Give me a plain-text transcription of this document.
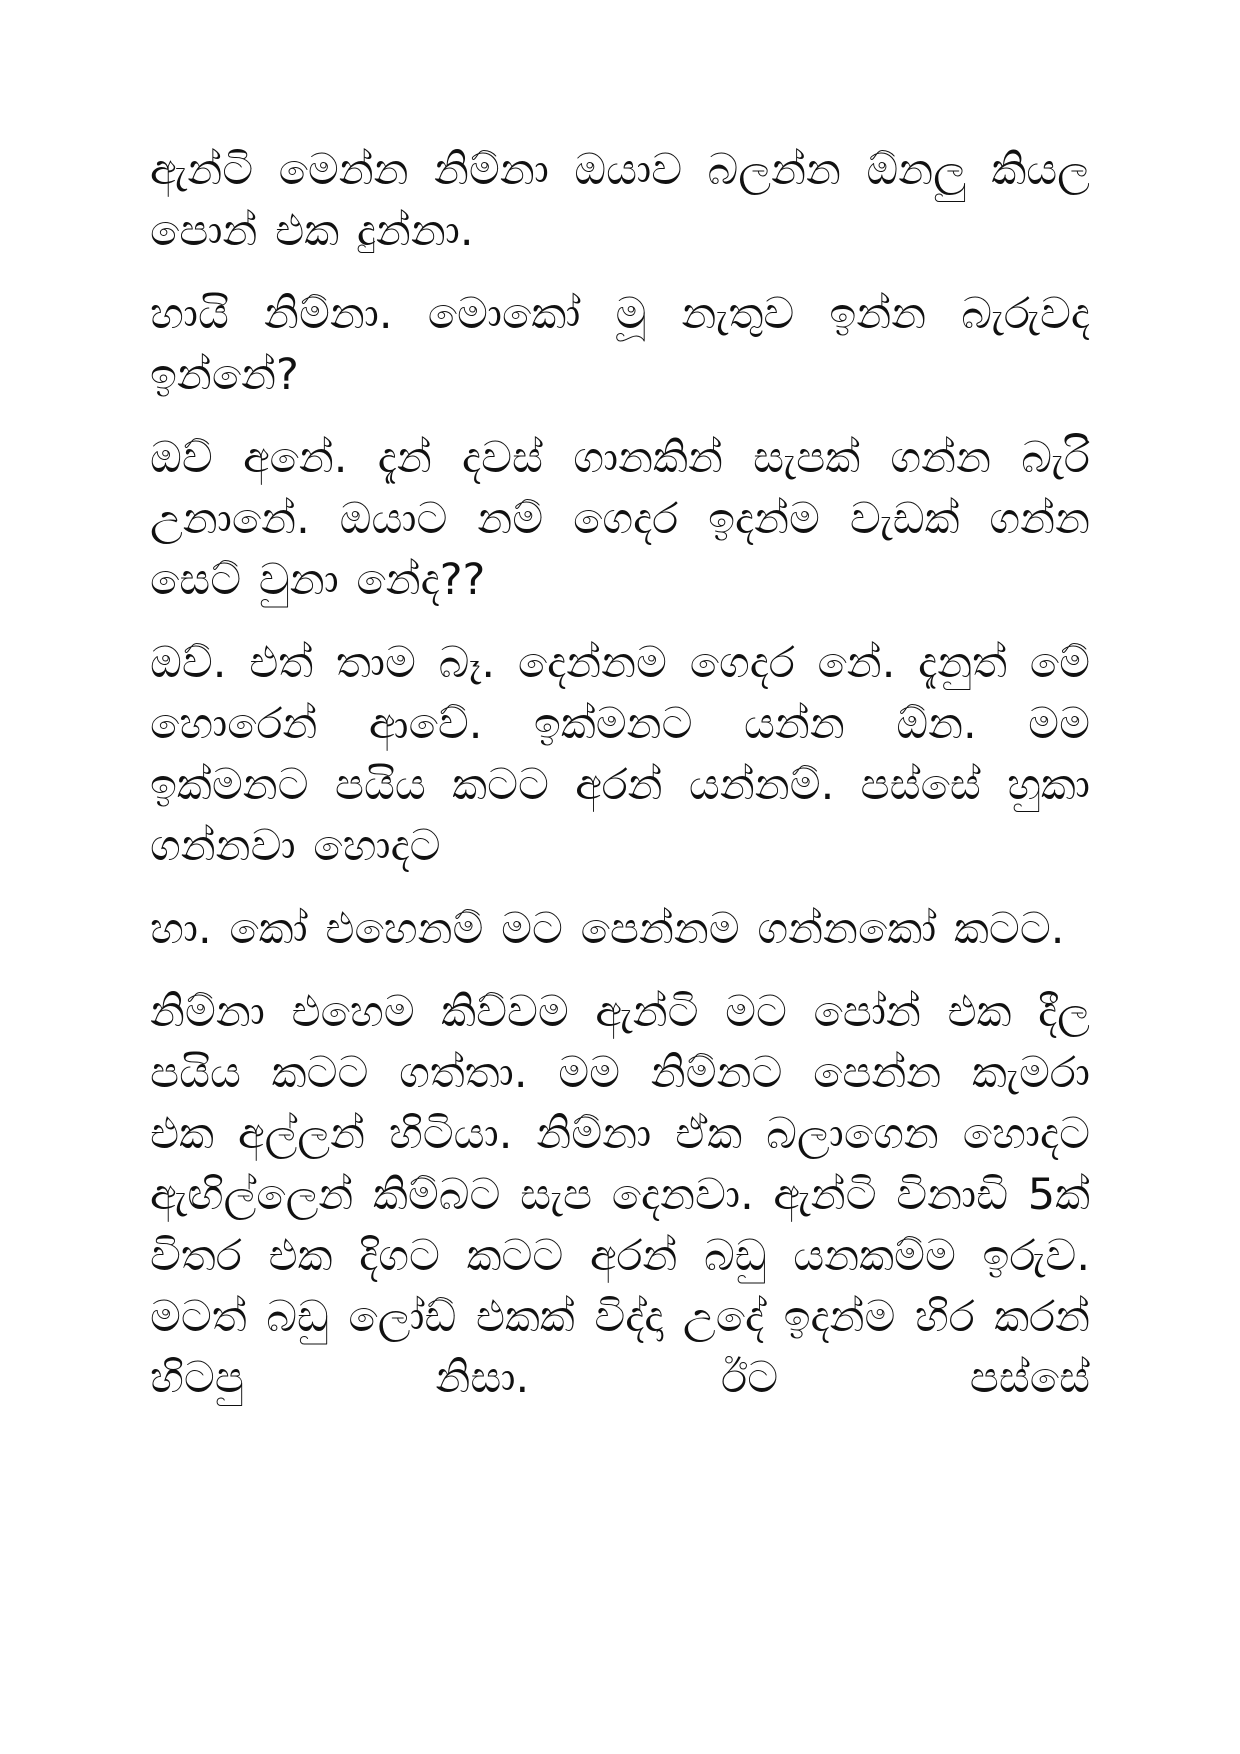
ඇන්ටි මෙන්න නිම්නා ඔයාව බලන්න ඕනලු කියල පොන් එක දුන්නා.

හායි නිම්නා. මොකෝ මූ නැතුව ඉන්න බැරුවද ඉන්නේ?

ඔව් අනේ. දැන් දවස් ගානකින් සැපක් ගන්න බැරි උනානේ. ඔයාට නම් ගෙදර ඉදන්ම වැඩක් ගන්න සෙට් වුනා නේද??

ඔව්. එත් තාම බෑ. දෙන්නම ගෙදර නේ. දැනුත් මේ හොරෙන් ආවේ. ඉක්මනට යන්න ඕන. මම ඉක්මනට පයිය කටට අරන් යන්නම්. පස්සේ හුකා ගන්නවා හොදට

හා. කෝ එහෙනම් මට පෙන්නම ගන්නකෝ කටට.

නිම්නා එහෙම කිව්වම ඇන්ටි මට පෝන් එක දීල පයිය කටට ගත්තා. මම නිම්නට පෙන්න කැමරා එක අල්ලන් හිටියා. නිම්නා ඒක බලාගෙන හොදට ඇඟිල්ලෙන් කිම්බට සැප දෙනවා. ඇන්ටි විනාඩි 5ක් විතර එක දිගට කටට අරන් බඩු යනකම්ම ඉරුව. මටත් බඩු ලෝඩ් එකක් විද්දා උදේ ඉදන්ම හිර කරන් හිටපු නිසා. ඊට පස්සේ
